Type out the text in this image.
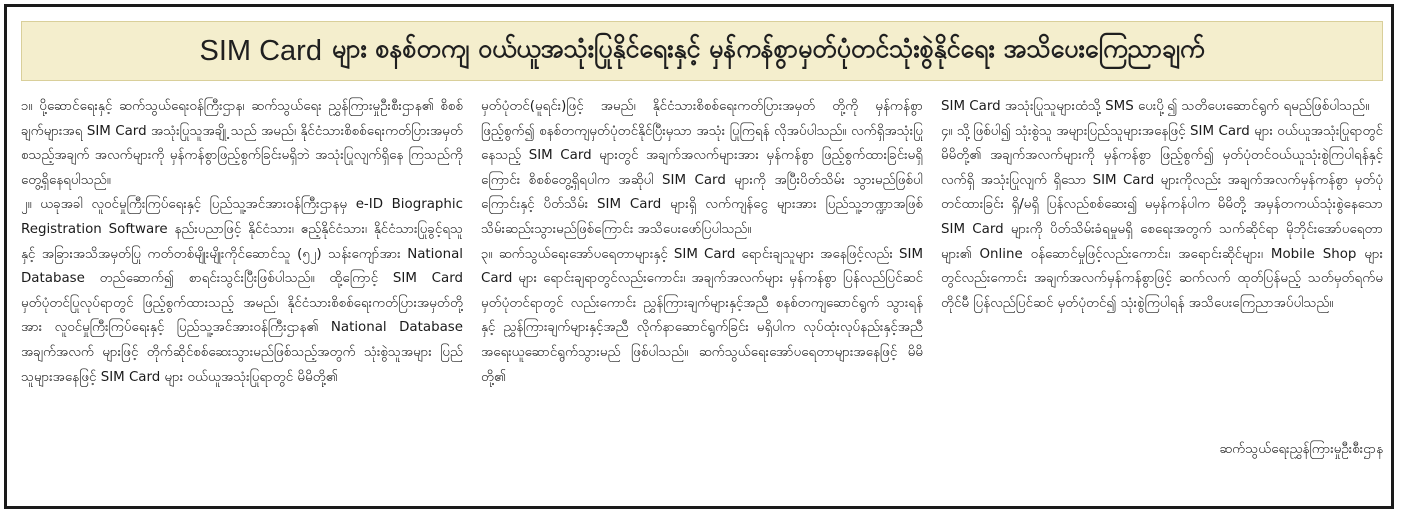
SIM Card များ စနစ်တကျ ဝယ်ယူအသုံးပြုနိုင်ရေးနှင့် မှန်ကန်စွာမှတ်ပုံတင်သုံးစွဲနိုင်ရေး အသိပေးကြေညာချက်

၁။ ပို့ဆောင်ရေးနှင့် ဆက်သွယ်ရေးဝန်ကြီးဌာန၊ ဆက်သွယ်ရေး ညွှန်ကြားမှုဦးစီးဌာန၏ စိစစ်ချက်များအရ SIM Card အသုံးပြုသူအချို့ သည် အမည်၊ နိုင်ငံသားစိစစ်ရေးကတ်ပြားအမှတ် စသည့်အချက် အလက်များကို မှန်ကန်စွာဖြည့်စွက်ခြင်းမရှိဘဲ အသုံးပြုလျက်ရှိနေ ကြသည်ကို တွေ့ရှိနေရပါသည်။

၂။ ယခုအခါ လူဝင်မှုကြီးကြပ်ရေးနှင့် ပြည်သူ့အင်အားဝန်ကြီးဌာနမှ e-ID Biographic Registration Software နည်းပညာဖြင့် နိုင်ငံသား၊ ဧည့်နိုင်ငံသား၊ နိုင်ငံသားပြုခွင့်ရသူနှင့် အခြားအသိအမှတ်ပြု ကတ်တစ်မျိုးမျိုးကိုင်ဆောင်သူ (၅၂) သန်းကျော်အား National Database တည်ဆောက်၍ စာရင်းသွင်းပြီးဖြစ်ပါသည်။ ထို့ကြောင့် SIM Card မှတ်ပုံတင်ပြုလုပ်ရာတွင် ဖြည့်စွက်ထားသည့် အမည်၊ နိုင်ငံသားစိစစ်ရေးကတ်ပြားအမှတ်တို့အား လူဝင်မှုကြီးကြပ်ရေးနှင့် ပြည်သူ့အင်အားဝန်ကြီးဌာန၏ National Database အချက်အလက် များဖြင့် တိုက်ဆိုင်စစ်ဆေးသွားမည်ဖြစ်သည့်အတွက် သုံးစွဲသူအများ ပြည်သူများအနေဖြင့် SIM Card များ ဝယ်ယူအသုံးပြုရာတွင် မိမိတို့၏

မှတ်ပုံတင်(မူရင်း)ဖြင့် အမည်၊ နိုင်ငံသားစိစစ်ရေးကတ်ပြားအမှတ် တို့ကို မှန်ကန်စွာဖြည့်စွက်၍ စနစ်တကျမှတ်ပုံတင်နိုင်ပြီးမှသာ အသုံး ပြုကြရန် လိုအပ်ပါသည်။ လက်ရှိအသုံးပြုနေသည့် SIM Card များတွင် အချက်အလက်များအား မှန်ကန်စွာ ဖြည့်စွက်ထားခြင်းမရှိကြောင်း စိစစ်တွေ့ရှိရပါက အဆိုပါ SIM Card များကို အပြီးပိတ်သိမ်း သွားမည်ဖြစ်ပါကြောင်းနှင့် ပိတ်သိမ်း SIM Card များရှိ လက်ကျန်ငွေ များအား ပြည်သူ့ဘဏ္ဍာအဖြစ် သိမ်းဆည်းသွားမည်ဖြစ်ကြောင်း အသိပေးဖော်ပြပါသည်။

၃။ ဆက်သွယ်ရေးအော်ပရေတာများနှင့် SIM Card ရောင်းချသူများ အနေဖြင့်လည်း SIM Card များ ရောင်းချရာတွင်လည်းကောင်း၊ အချက်အလက်များ မှန်ကန်စွာ ပြန်လည်ပြင်ဆင်မှတ်ပုံတင်ရာတွင် လည်းကောင်း ညွှန်ကြားချက်များနှင့်အညီ စနစ်တကျဆောင်ရွက် သွားရန်နှင့် ညွှန်ကြားချက်များနှင့်အညီ လိုက်နာဆောင်ရွက်ခြင်း မရှိပါက လုပ်ထုံးလုပ်နည်းနှင့်အညီ အရေးယူဆောင်ရွက်သွားမည် ဖြစ်ပါသည်။ ဆက်သွယ်ရေးအော်ပရေတာများအနေဖြင့် မိမိတို့၏

SIM Card အသုံးပြုသူများထံသို့ SMS ပေးပို့၍ သတိပေးဆောင်ရွက် ရမည်ဖြစ်ပါသည်။

၄။ သို့ဖြစ်ပါ၍ သုံးစွဲသူ အများပြည်သူများအနေဖြင့် SIM Card များ ဝယ်ယူအသုံးပြုရာတွင် မိမိတို့၏ အချက်အလက်များကို မှန်ကန်စွာ ဖြည့်စွက်၍ မှတ်ပုံတင်ဝယ်ယူသုံးစွဲကြပါရန်နှင့် လက်ရှိ အသုံးပြုလျက် ရှိသော SIM Card များကိုလည်း အချက်အလက်မှန်ကန်စွာ မှတ်ပုံ တင်ထားခြင်း ရှိ/မရှိ ပြန်လည်စစ်ဆေး၍ မမှန်ကန်ပါက မိမိတို့ အမှန်တကယ်သုံးစွဲနေသော SIM Card များကို ပိတ်သိမ်းခံရမှုမရှိ စေရေးအတွက် သက်ဆိုင်ရာ မိုဘိုင်းအော်ပရေတာများ၏ Online ဝန်ဆောင်မှုဖြင့်လည်းကောင်း၊ အရောင်းဆိုင်များ၊ Mobile Shop များ တွင်လည်းကောင်း အချက်အလက်မှန်ကန်စွာဖြင့် ဆက်လက် ထုတ်ပြန်မည့် သတ်မှတ်ရက်မတိုင်မီ ပြန်လည်ပြင်ဆင် မှတ်ပုံတင်၍ သုံးစွဲကြပါရန် အသိပေးကြေညာအပ်ပါသည်။

ဆက်သွယ်ရေးညွှန်ကြားမှုဦးစီးဌာန
